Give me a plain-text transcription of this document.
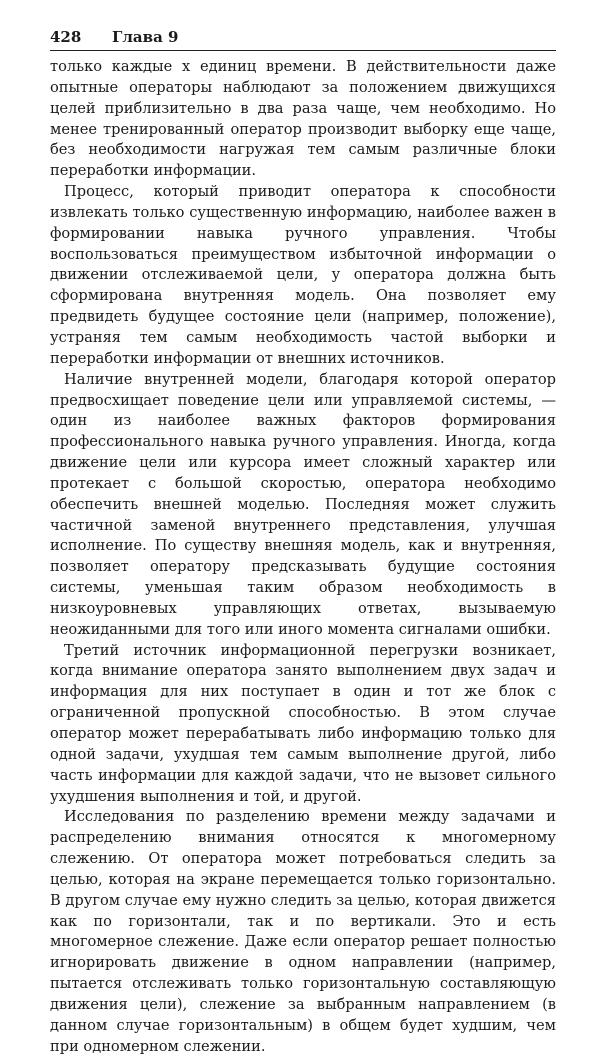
428	Глава 9

только каждые x единиц времени. В действительности даже опытные операторы наблюдают за положением движущихся целей приблизительно в два раза чаще, чем необходимо. Но менее тренированный оператор производит выборку еще чаще, без необходимости нагружая тем самым различные блоки переработки информации.

Процесс, который приводит оператора к способности извлекать только существенную информацию, наиболее важен в формировании навыка ручного управления. Чтобы воспользоваться преимуществом избыточной информации о движении отслеживаемой цели, у оператора должна быть сформирована внутренняя модель. Она позволяет ему предвидеть будущее состояние цели (например, положение), устраняя тем самым необходимость частой выборки и переработки информации от внешних источников.

Наличие внутренней модели, благодаря которой оператор предвосхищает поведение цели или управляемой системы, — один из наиболее важных факторов формирования профессионального навыка ручного управления. Иногда, когда движение цели или курсора имеет сложный характер или протекает с большой скоростью, оператора необходимо обеспечить внешней моделью. Последняя может служить частичной заменой внутреннего представления, улучшая исполнение. По существу внешняя модель, как и внутренняя, позволяет оператору предсказывать будущие состояния системы, уменьшая таким образом необходимость в низкоуровневых управляющих ответах, вызываемую неожиданными для того или иного момента сигналами ошибки.

Третий источник информационной перегрузки возникает, когда внимание оператора занято выполнением двух задач и информация для них поступает в один и тот же блок с ограниченной пропускной способностью. В этом случае оператор может перерабатывать либо информацию только для одной задачи, ухудшая тем самым выполнение другой, либо часть информации для каждой задачи, что не вызовет сильного ухудшения выполнения и той, и другой.

Исследования по разделению времени между задачами и распределению внимания относятся к многомерному слежению. От оператора может потребоваться следить за целью, которая на экране перемещается только горизонтально. В другом случае ему нужно следить за целью, которая движется как по горизонтали, так и по вертикали. Это и есть многомерное слежение. Даже если оператор решает полностью игнорировать движение в одном направлении (например, пытается отслеживать только горизонтальную составляющую движения цели), слежение за выбранным направлением (в данном случае горизонтальным) в общем будет худшим, чем при одномерном слежении.
